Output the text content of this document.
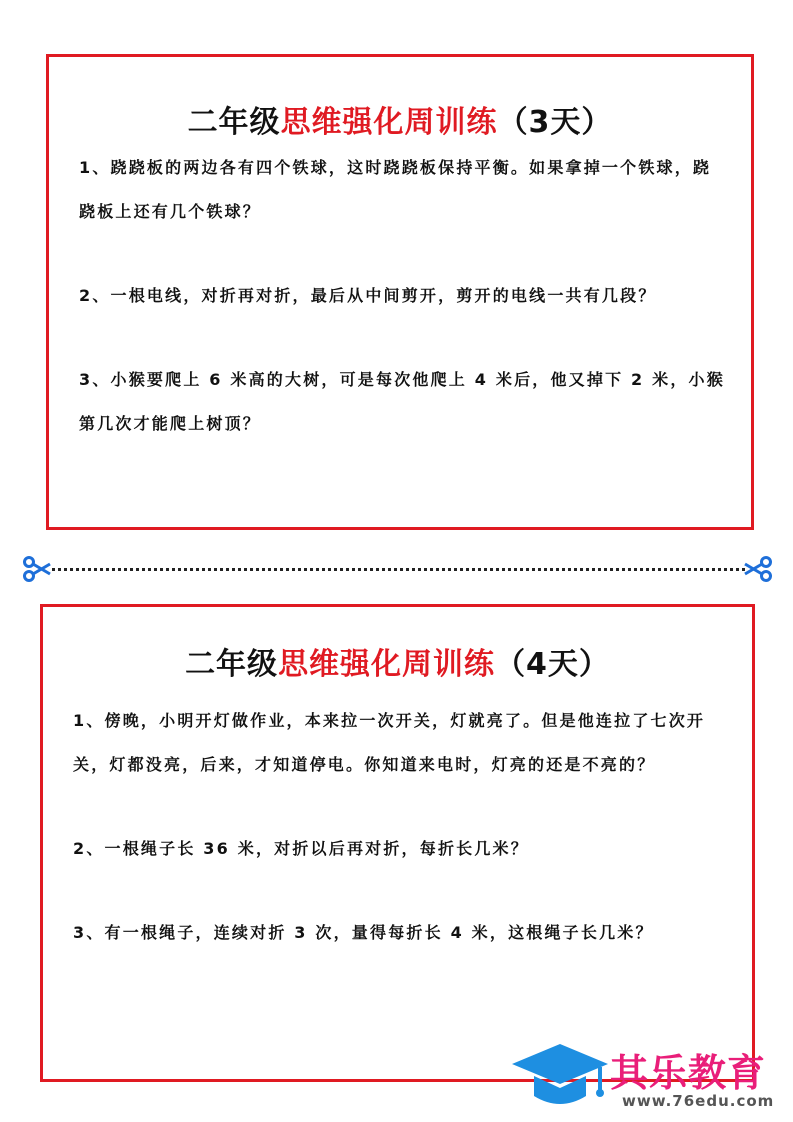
二年级思维强化周训练（3天）

1、跷跷板的两边各有四个铁球，这时跷跷板保持平衡。如果拿掉一个铁球，跷跷板上还有几个铁球？

2、一根电线，对折再对折，最后从中间剪开，剪开的电线一共有几段？

3、小猴要爬上 6 米高的大树，可是每次他爬上 4 米后，他又掉下 2 米，小猴第几次才能爬上树顶？

二年级思维强化周训练（4天）

1、傍晚，小明开灯做作业，本来拉一次开关，灯就亮了。但是他连拉了七次开关，灯都没亮，后来，才知道停电。你知道来电时，灯亮的还是不亮的？

2、一根绳子长 36 米，对折以后再对折，每折长几米？

3、有一根绳子，连续对折 3 次，量得每折长 4 米，这根绳子长几米？

其乐教育
www.76edu.com
